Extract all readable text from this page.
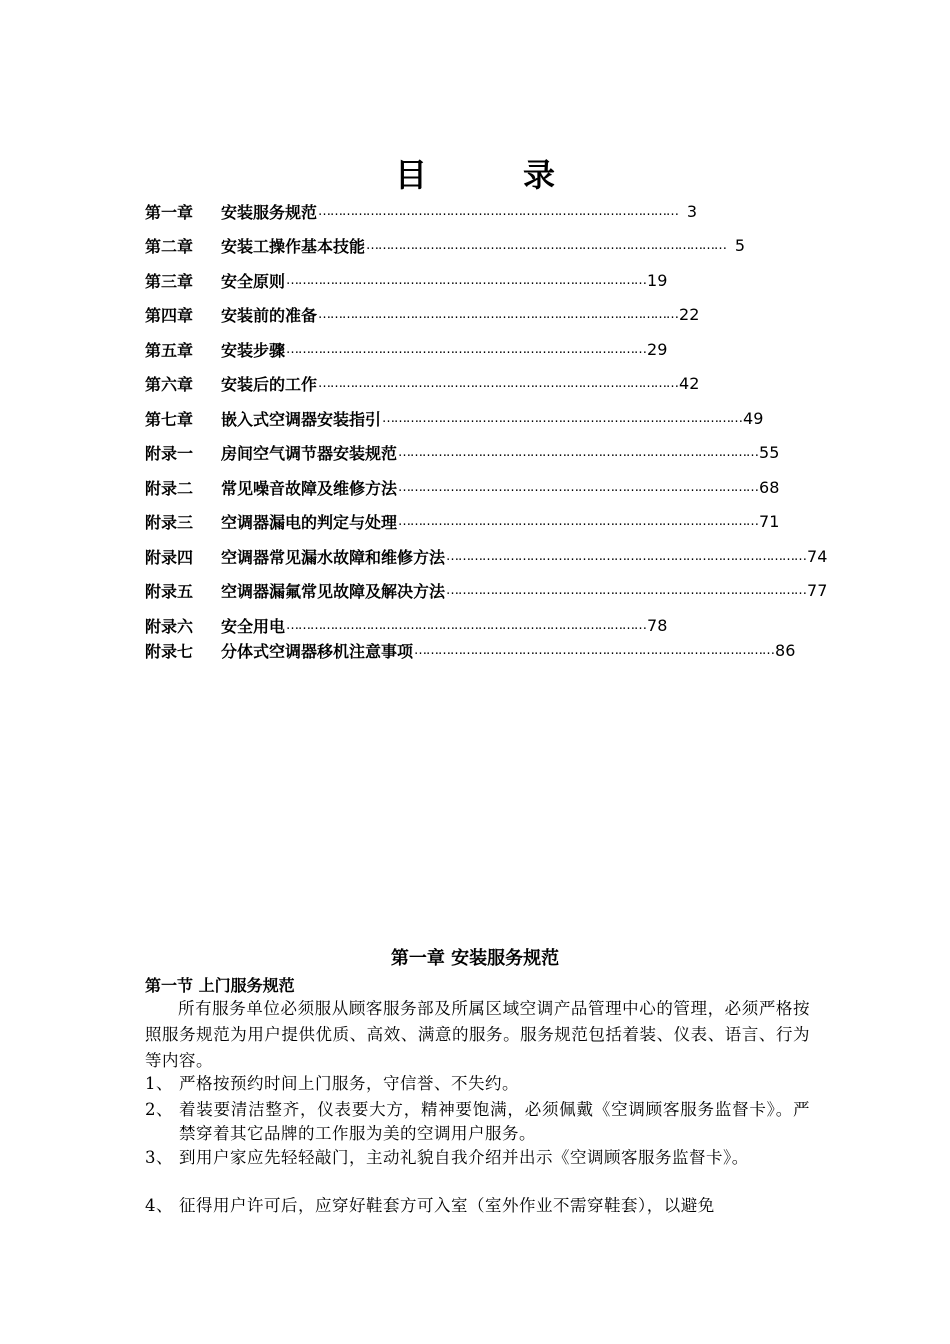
目	录
第一章	安装服务规范 ……………………………………………………………………………… 3
第二章	安装工操作基本技能 ……………………………………………………………………………… 5
第三章	安全原则 ……………………………………………………………………………… 19
第四章	安装前的准备 ……………………………………………………………………………… 22
第五章	安装步骤 ……………………………………………………………………………… 29
第六章	安装后的工作 ……………………………………………………………………………… 42
第七章	嵌入式空调器安装指引 ……………………………………………………………………………… 49
附录一	房间空气调节器安装规范 ……………………………………………………………………………… 55
附录二	常见噪音故障及维修方法 ……………………………………………………………………………… 68
附录三	空调器漏电的判定与处理 ……………………………………………………………………………… 71
附录四	空调器常见漏水故障和维修方法 ……………………………………………………………………………… 74
附录五	空调器漏氟常见故障及解决方法 ……………………………………………………………………………… 77
附录六	安全用电 ……………………………………………………………………………… 78
附录七	分体式空调器移机注意事项 ……………………………………………………………………………… 86
第一章 安装服务规范
第一节 上门服务规范
所有服务单位必须服从顾客服务部及所属区域空调产品管理中心的管理，必须严格按照服务规范为用户提供优质、高效、满意的服务。服务规范包括着装、仪表、语言、行为等内容。
1、 严格按预约时间上门服务，守信誉、不失约。
2、 着装要清洁整齐，仪表要大方，精神要饱满，必须佩戴《空调顾客服务监督卡》。严禁穿着其它品牌的工作服为美的空调用户服务。
3、 到用户家应先轻轻敲门，主动礼貌自我介绍并出示《空调顾客服务监督卡》。
4、 征得用户许可后，应穿好鞋套方可入室（室外作业不需穿鞋套），以避免
